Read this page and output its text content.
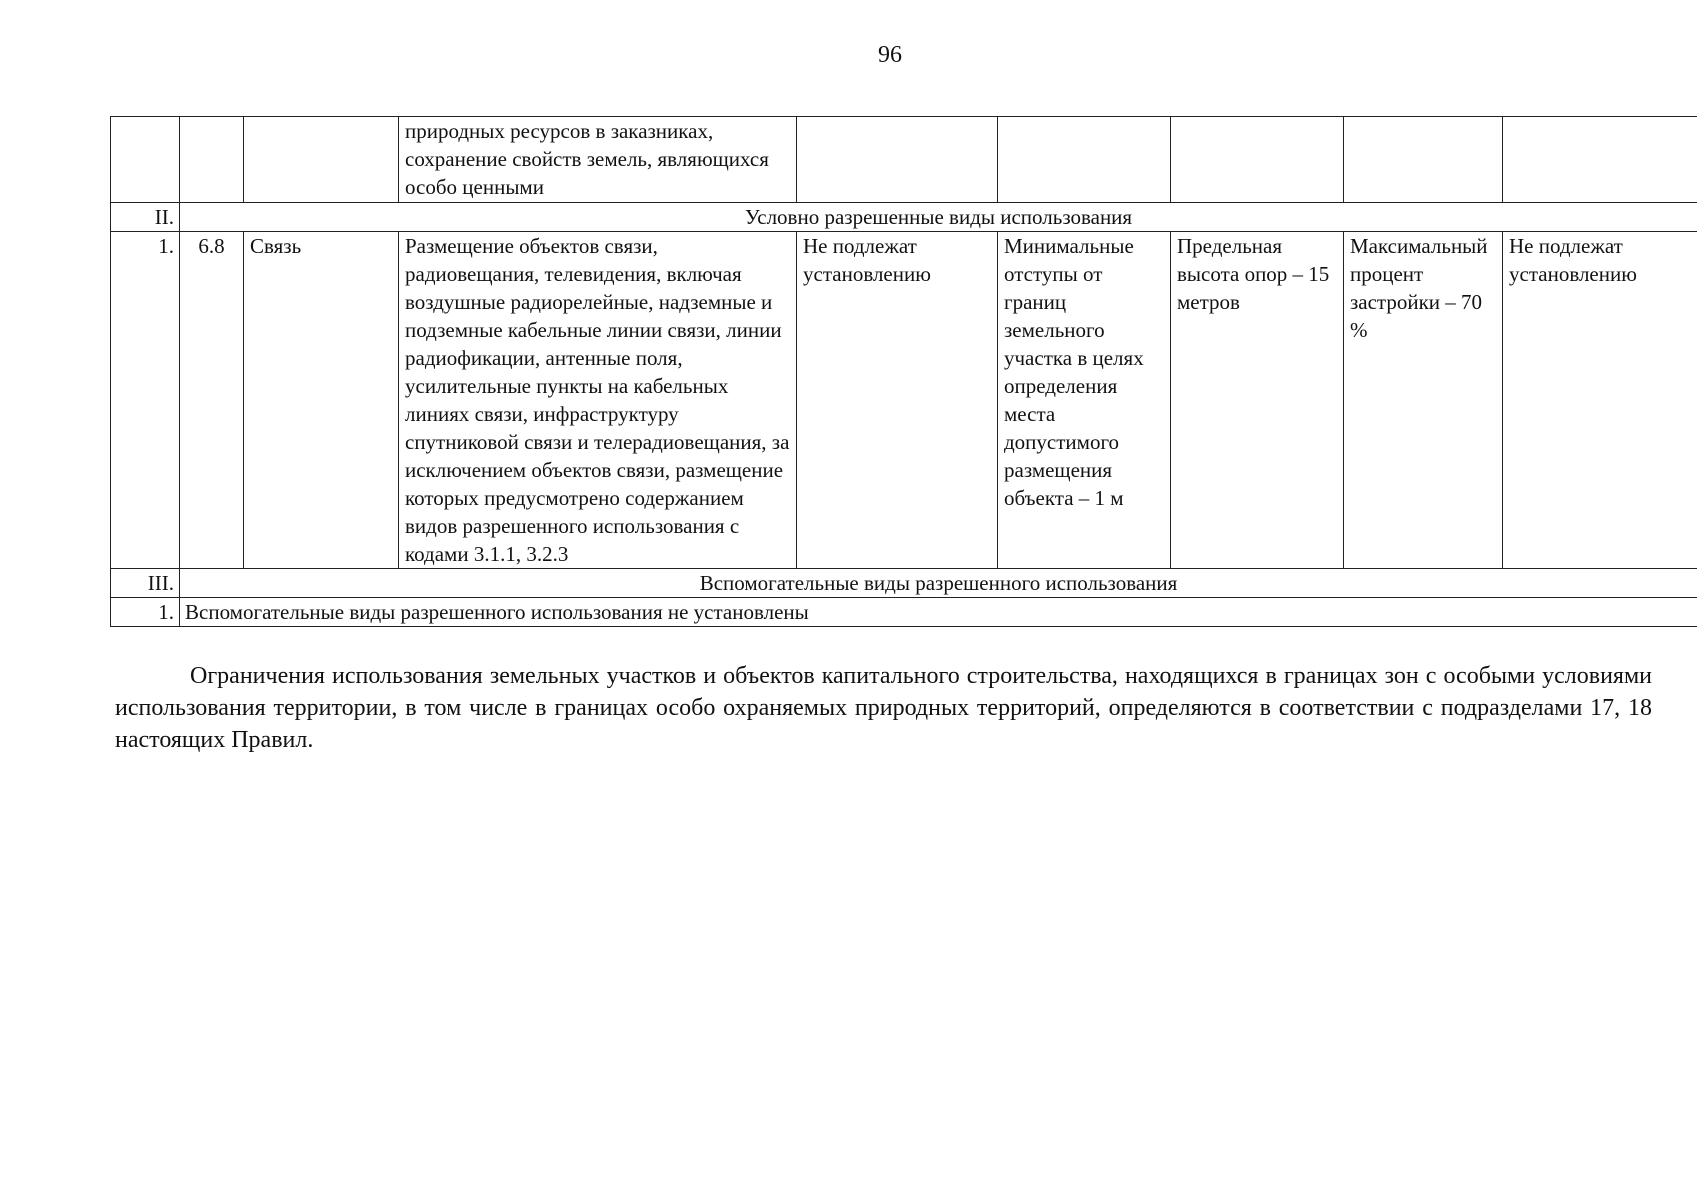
96
			природных ресурсов в заказниках, сохранение свойств земель, являющихся особо ценными					
II.	Условно разрешенные виды использования							
1.	6.8	Связь	Размещение объектов связи, радиовещания, телевидения, включая воздушные радиорелейные, надземные и подземные кабельные линии связи, линии радиофикации, антенные поля, усилительные пункты на кабельных линиях связи, инфраструктуру спутниковой связи и телерадиовещания, за исключением объектов связи, размещение которых предусмотрено содержанием видов разрешенного использования с кодами 3.1.1, 3.2.3	Не подлежат установлению	Минимальные отступы от границ земельного участка в целях определения места допустимого размещения объекта – 1 м	Предельная высота опор – 15 метров	Максимальный процент застройки – 70 %	Не подлежат установлению
III.	Вспомогательные виды разрешенного использования							
1.	Вспомогательные виды разрешенного использования не установлены							
Ограничения использования земельных участков и объектов капитального строительства, находящихся в границах зон с особыми условиями использования территории, в том числе в границах особо охраняемых природных территорий, определяются в соответствии с подразделами 17, 18 настоящих Правил.
